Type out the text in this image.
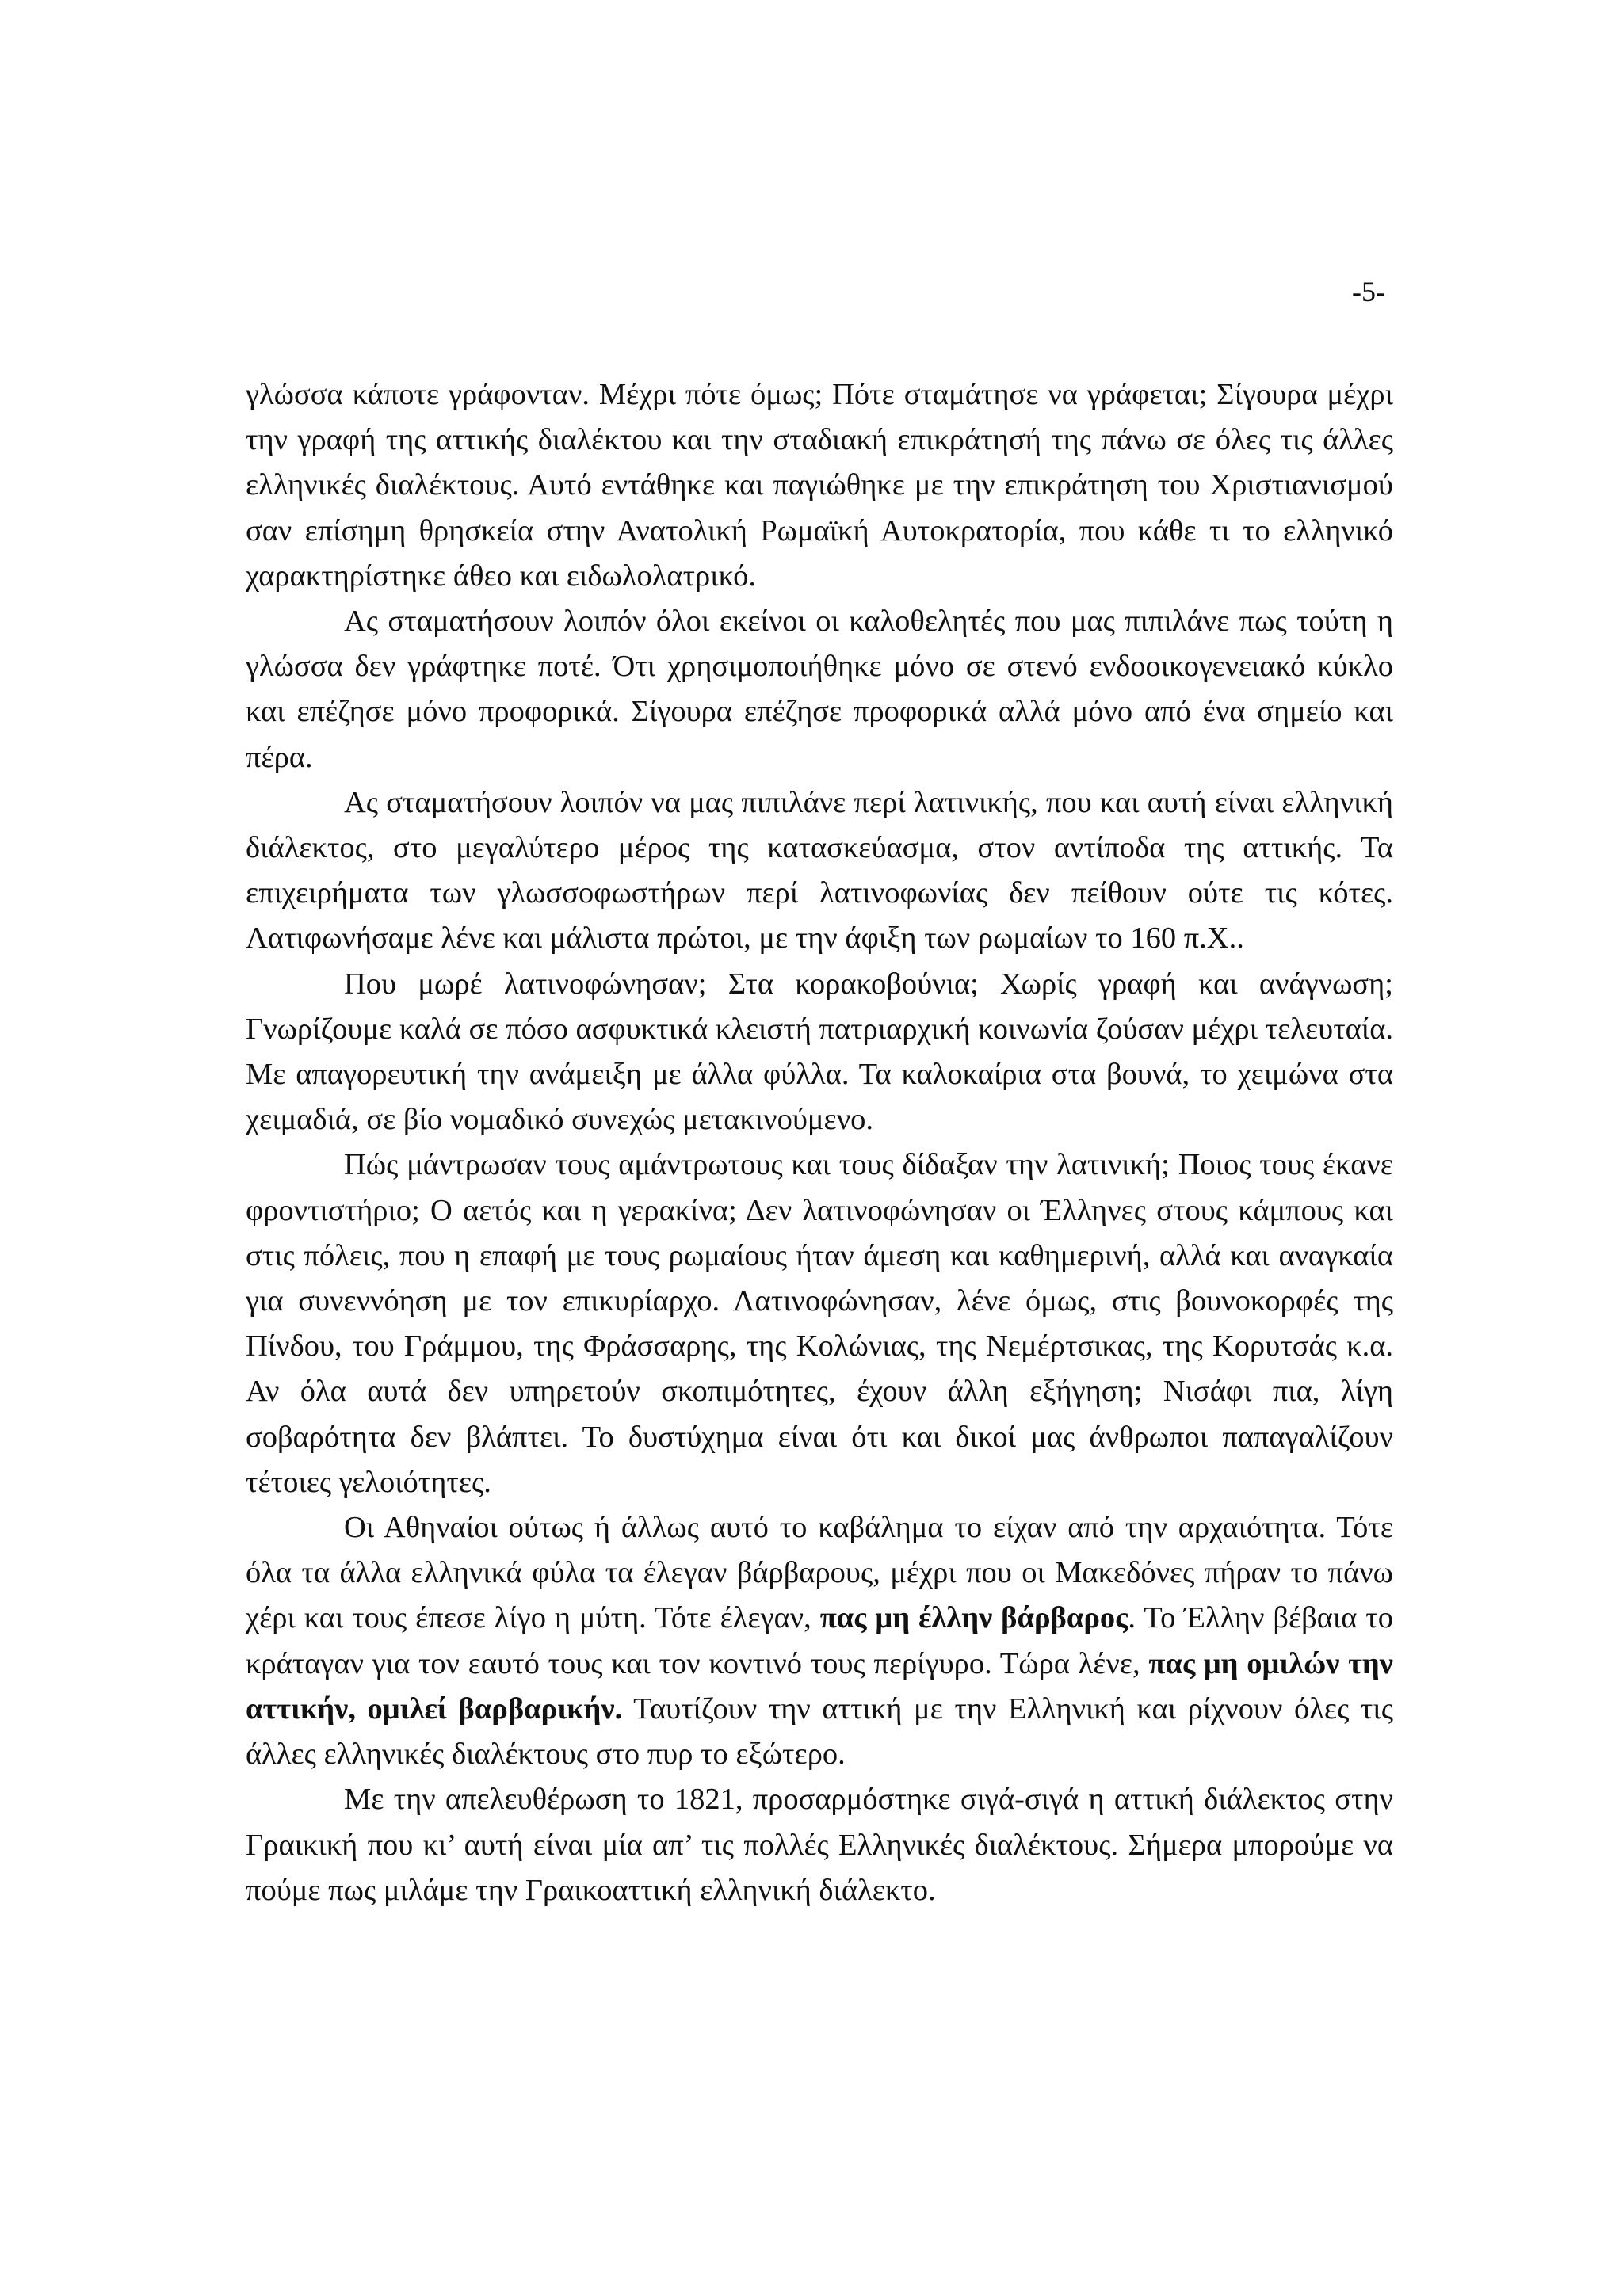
-5-

γλώσσα κάποτε γράφονταν. Μέχρι πότε όμως; Πότε σταμάτησε να γράφεται; Σίγουρα μέχρι την γραφή της αττικής διαλέκτου και την σταδιακή επικράτησή της πάνω σε όλες τις άλλες ελληνικές διαλέκτους. Αυτό εντάθηκε και παγιώθηκε με την επικράτηση του Χριστιανισμού σαν επίσημη θρησκεία στην Ανατολική Ρωμαϊκή Αυτοκρατορία, που κάθε τι το ελληνικό χαρακτηρίστηκε άθεο και ειδωλολατρικό.

Ας σταματήσουν λοιπόν όλοι εκείνοι οι καλοθελητές που μας πιπιλάνε πως τούτη η γλώσσα δεν γράφτηκε ποτέ. Ότι χρησιμοποιήθηκε μόνο σε στενό ενδοοικογενειακό κύκλο και επέζησε μόνο προφορικά. Σίγουρα επέζησε προφορικά αλλά μόνο από ένα σημείο και πέρα.

Ας σταματήσουν λοιπόν να μας πιπιλάνε περί λατινικής, που και αυτή είναι ελληνική διάλεκτος, στο μεγαλύτερο μέρος της κατασκεύασμα, στον αντίποδα της αττικής. Τα επιχειρήματα των γλωσσοφωστήρων περί λατινοφωνίας δεν πείθουν ούτε τις κότες. Λατιφωνήσαμε λένε και μάλιστα πρώτοι, με την άφιξη των ρωμαίων το 160 π.Χ..

Που μωρέ λατινοφώνησαν; Στα κορακοβούνια; Χωρίς γραφή και ανάγνωση; Γνωρίζουμε καλά σε πόσο ασφυκτικά κλειστή πατριαρχική κοινωνία ζούσαν μέχρι τελευταία. Με απαγορευτική την ανάμειξη με άλλα φύλλα. Τα καλοκαίρια στα βουνά, το χειμώνα στα χειμαδιά, σε βίο νομαδικό συνεχώς μετακινούμενο.

Πώς μάντρωσαν τους αμάντρωτους και τους δίδαξαν την λατινική; Ποιος τους έκανε φροντιστήριο; Ο αετός και η γερακίνα; Δεν λατινοφώνησαν οι Έλληνες στους κάμπους και στις πόλεις, που η επαφή με τους ρωμαίους ήταν άμεση και καθημερινή, αλλά και αναγκαία για συνεννόηση με τον επικυρίαρχο. Λατινοφώνησαν, λένε όμως, στις βουνοκορφές της Πίνδου, του Γράμμου, της Φράσσαρης, της Κολώνιας, της Νεμέρτσικας, της Κορυτσάς κ.α. Αν όλα αυτά δεν υπηρετούν σκοπιμότητες, έχουν άλλη εξήγηση; Νισάφι πια, λίγη σοβαρότητα δεν βλάπτει. Το δυστύχημα είναι ότι και δικοί μας άνθρωποι παπαγαλίζουν τέτοιες γελοιότητες.

Οι Αθηναίοι ούτως ή άλλως αυτό το καβάλημα το είχαν από την αρχαιότητα. Τότε όλα τα άλλα ελληνικά φύλα τα έλεγαν βάρβαρους, μέχρι που οι Μακεδόνες πήραν το πάνω χέρι και τους έπεσε λίγο η μύτη. Τότε έλεγαν, πας μη έλλην βάρβαρος. Το Έλλην βέβαια το κράταγαν για τον εαυτό τους και τον κοντινό τους περίγυρο. Τώρα λένε, πας μη ομιλών την αττικήν, ομιλεί βαρβαρικήν. Ταυτίζουν την αττική με την Ελληνική και ρίχνουν όλες τις άλλες ελληνικές διαλέκτους στο πυρ το εξώτερο.

Με την απελευθέρωση το 1821, προσαρμόστηκε σιγά-σιγά η αττική διάλεκτος στην Γραικική που κι’ αυτή είναι μία απ’ τις πολλές Ελληνικές διαλέκτους. Σήμερα μπορούμε να πούμε πως μιλάμε την Γραικοαττική ελληνική διάλεκτο.
